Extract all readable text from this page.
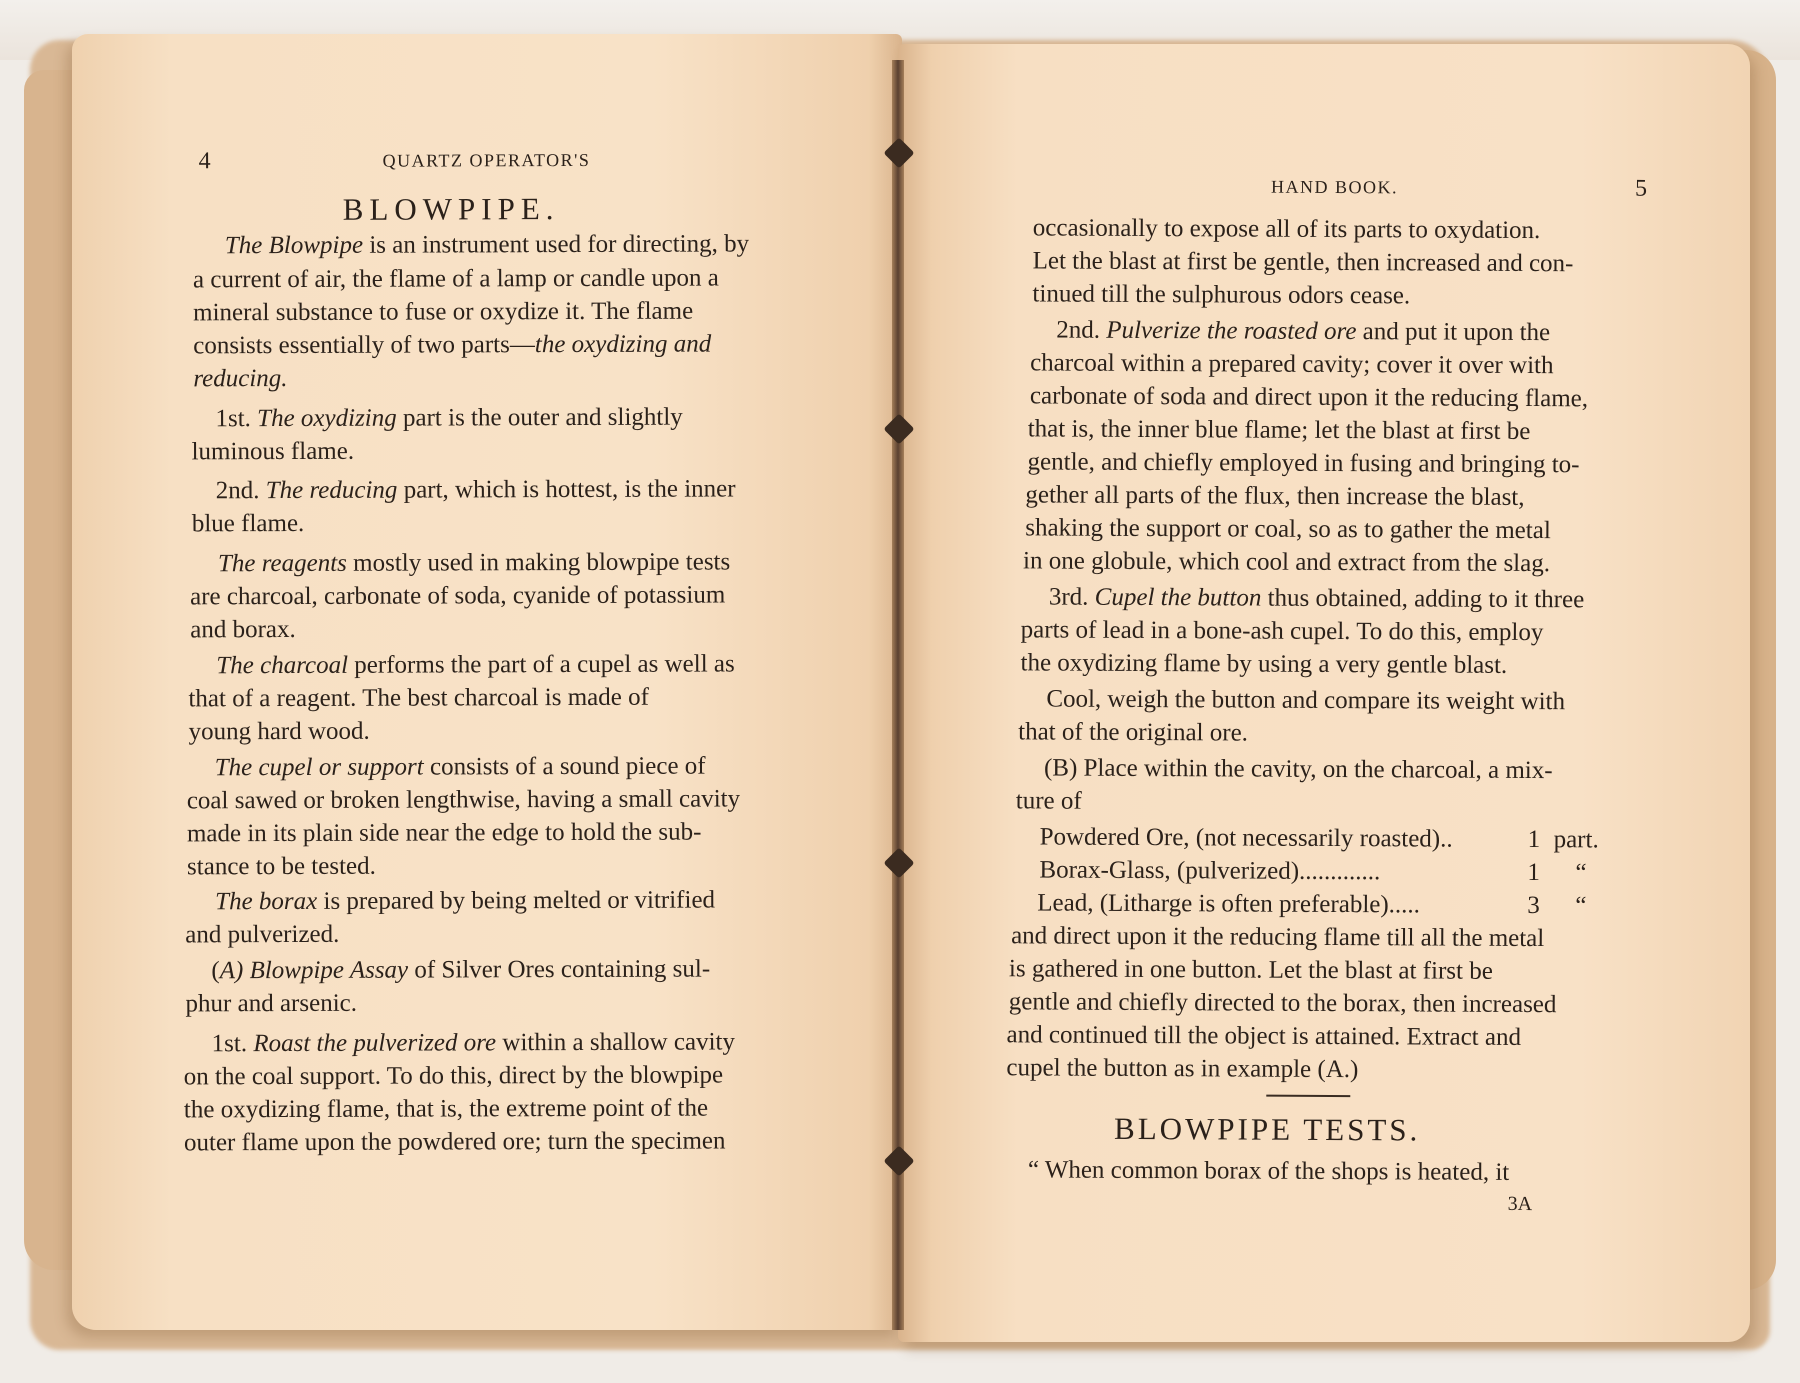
4	QUARTZ OPERATOR'S
BLOWPIPE.
The Blowpipe is an instrument used for directing, by
a current of air, the flame of a lamp or candle upon a
mineral substance to fuse or oxydize it. The flame
consists essentially of two parts—the oxydizing and
reducing.
1st. The oxydizing part is the outer and slightly
luminous flame.
2nd. The reducing part, which is hottest, is the inner
blue flame.
The reagents mostly used in making blowpipe tests
are charcoal, carbonate of soda, cyanide of potassium
and borax.
The charcoal performs the part of a cupel as well as
that of a reagent. The best charcoal is made of
young hard wood.
The cupel or support consists of a sound piece of
coal sawed or broken lengthwise, having a small cavity
made in its plain side near the edge to hold the sub-
stance to be tested.
The borax is prepared by being melted or vitrified
and pulverized.
(A) Blowpipe Assay of Silver Ores containing sul-
phur and arsenic.
1st. Roast the pulverized ore within a shallow cavity
on the coal support. To do this, direct by the blowpipe
the oxydizing flame, that is, the extreme point of the
outer flame upon the powdered ore; turn the specimen
HAND BOOK.	5
occasionally to expose all of its parts to oxydation.
Let the blast at first be gentle, then increased and con-
tinued till the sulphurous odors cease.
2nd. Pulverize the roasted ore and put it upon the
charcoal within a prepared cavity; cover it over with
carbonate of soda and direct upon it the reducing flame,
that is, the inner blue flame; let the blast at first be
gentle, and chiefly employed in fusing and bringing to-
gether all parts of the flux, then increase the blast,
shaking the support or coal, so as to gather the metal
in one globule, which cool and extract from the slag.
3rd. Cupel the button thus obtained, adding to it three
parts of lead in a bone-ash cupel. To do this, employ
the oxydizing flame by using a very gentle blast.
Cool, weigh the button and compare its weight with
that of the original ore.
(B) Place within the cavity, on the charcoal, a mix-
ture of
Powdered Ore, (not necessarily roasted)..	1 part.
Borax-Glass, (pulverized).............	1 “
Lead, (Litharge is often preferable).....	3 “
and direct upon it the reducing flame till all the metal
is gathered in one button. Let the blast at first be
gentle and chiefly directed to the borax, then increased
and continued till the object is attained. Extract and
cupel the button as in example (A.)
BLOWPIPE TESTS.
“ When common borax of the shops is heated, it
3A
